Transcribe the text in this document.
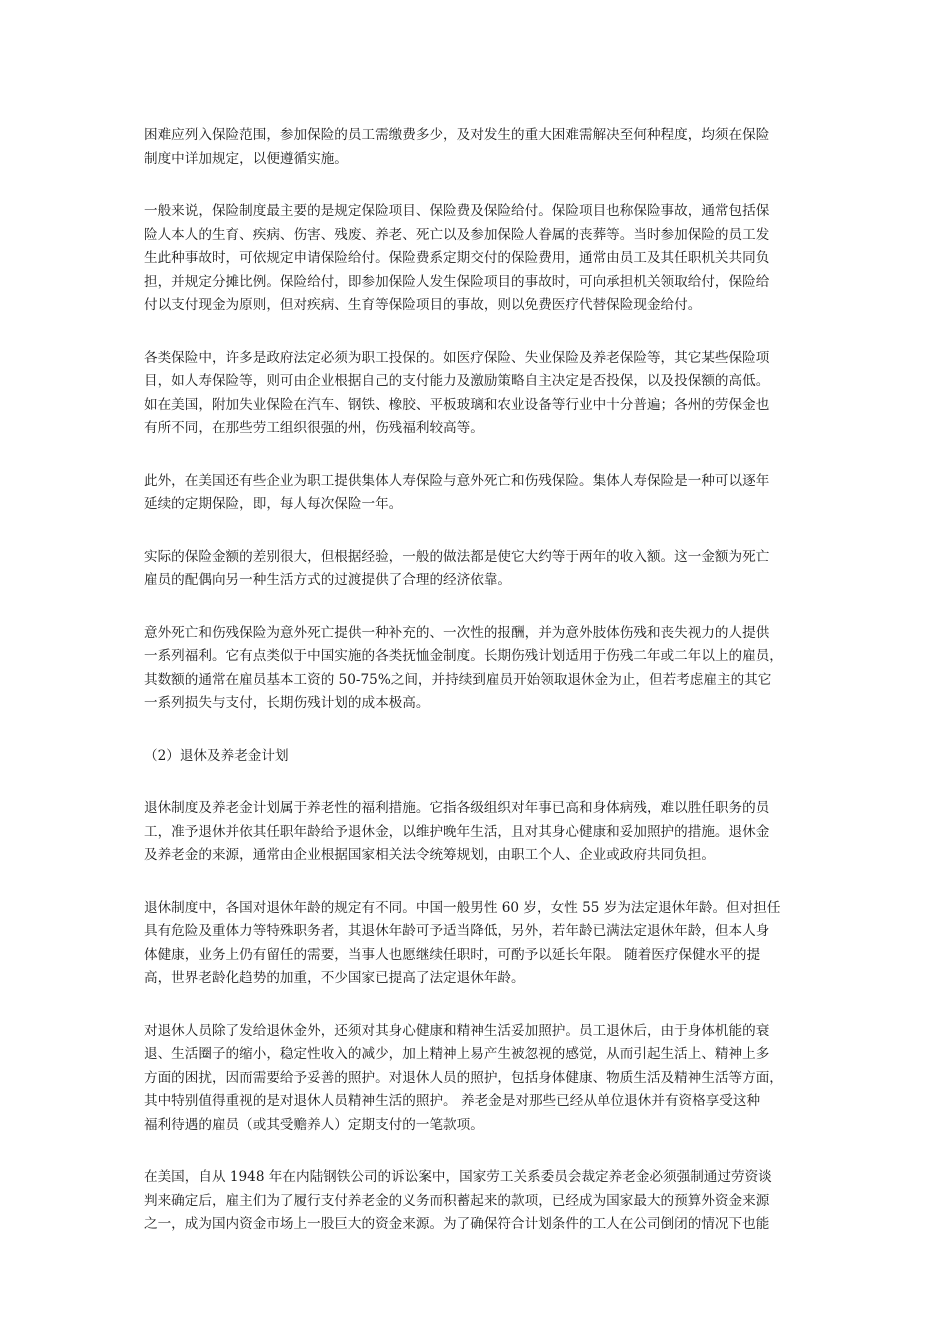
困难应列入保险范围，参加保险的员工需缴费多少，及对发生的重大困难需解决至何种程度，均须在保险
制度中详加规定，以便遵循实施。

一般来说，保险制度最主要的是规定保险项目、保险费及保险给付。保险项目也称保险事故，通常包括保
险人本人的生育、疾病、伤害、残废、养老、死亡以及参加保险人眷属的丧葬等。当时参加保险的员工发
生此种事故时，可依规定申请保险给付。保险费系定期交付的保险费用，通常由员工及其任职机关共同负
担，并规定分摊比例。保险给付，即参加保险人发生保险项目的事故时，可向承担机关领取给付，保险给
付以支付现金为原则，但对疾病、生育等保险项目的事故，则以免费医疗代替保险现金给付。

各类保险中，许多是政府法定必须为职工投保的。如医疗保险、失业保险及养老保险等，其它某些保险项
目，如人寿保险等，则可由企业根据自己的支付能力及激励策略自主决定是否投保，以及投保额的高低。
如在美国，附加失业保险在汽车、钢铁、橡胶、平板玻璃和农业设备等行业中十分普遍；各州的劳保金也
有所不同，在那些劳工组织很强的州，伤残福利较高等。

此外，在美国还有些企业为职工提供集体人寿保险与意外死亡和伤残保险。集体人寿保险是一种可以逐年
延续的定期保险，即，每人每次保险一年。

实际的保险金额的差别很大，但根据经验，一般的做法都是使它大约等于两年的收入额。这一金额为死亡
雇员的配偶向另一种生活方式的过渡提供了合理的经济依靠。

意外死亡和伤残保险为意外死亡提供一种补充的、一次性的报酬，并为意外肢体伤残和丧失视力的人提供
一系列福利。它有点类似于中国实施的各类抚恤金制度。长期伤残计划适用于伤残二年或二年以上的雇员，
其数额的通常在雇员基本工资的 50-75%之间，并持续到雇员开始领取退休金为止，但若考虑雇主的其它
一系列损失与支付，长期伤残计划的成本极高。

（2）退休及养老金计划

退休制度及养老金计划属于养老性的福利措施。它指各级组织对年事已高和身体病残，难以胜任职务的员
工，准予退休并依其任职年龄给予退休金，以维护晚年生活，且对其身心健康和妥加照护的措施。退休金
及养老金的来源，通常由企业根据国家相关法令统筹规划，由职工个人、企业或政府共同负担。

退休制度中，各国对退休年龄的规定有不同。中国一般男性 60 岁，女性 55 岁为法定退休年龄。但对担任
具有危险及重体力等特殊职务者，其退休年龄可予适当降低，另外，若年龄已满法定退休年龄，但本人身
体健康，业务上仍有留任的需要，当事人也愿继续任职时，可酌予以延长年限。 随着医疗保健水平的提
高，世界老龄化趋势的加重，不少国家已提高了法定退休年龄。

对退休人员除了发给退休金外，还须对其身心健康和精神生活妥加照护。员工退休后，由于身体机能的衰
退、生活圈子的缩小，稳定性收入的减少，加上精神上易产生被忽视的感觉，从而引起生活上、精神上多
方面的困扰，因而需要给予妥善的照护。对退休人员的照护，包括身体健康、物质生活及精神生活等方面，
其中特别值得重视的是对退休人员精神生活的照护。 养老金是对那些已经从单位退休并有资格享受这种
福利待遇的雇员（或其受赡养人）定期支付的一笔款项。

在美国，自从 1948 年在内陆钢铁公司的诉讼案中，国家劳工关系委员会裁定养老金必须强制通过劳资谈
判来确定后，雇主们为了履行支付养老金的义务而积蓄起来的款项，已经成为国家最大的预算外资金来源
之一，成为国内资金市场上一股巨大的资金来源。为了确保符合计划条件的工人在公司倒闭的情况下也能
